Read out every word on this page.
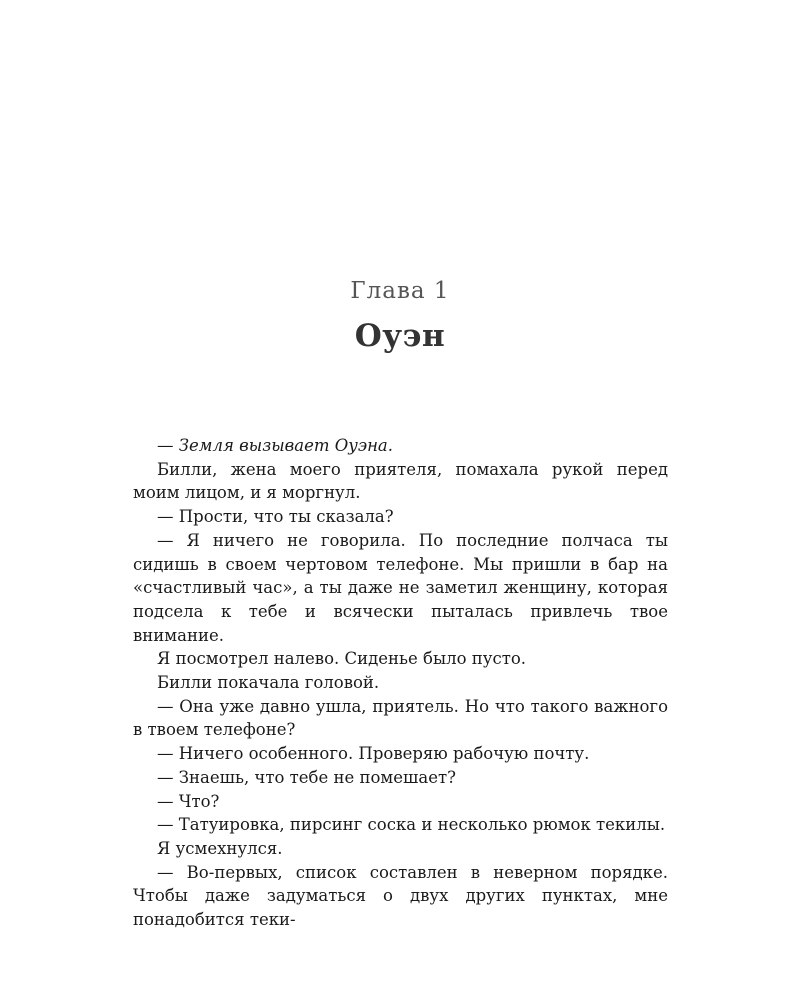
Глава 1
Оуэн

— Земля вызывает Оуэна.

Билли, жена моего приятеля, помахала рукой перед моим лицом, и я моргнул.

— Прости, что ты сказала?

— Я ничего не говорила. По последние полчаса ты сидишь в своем чертовом телефоне. Мы пришли в бар на «счастливый час», а ты даже не заметил женщину, которая подсела к тебе и всячески пыталась привлечь твое внимание.

Я посмотрел налево. Сиденье было пусто.

Билли покачала головой.

— Она уже давно ушла, приятель. Но что такого важного в твоем телефоне?

— Ничего особенного. Проверяю рабочую почту.

— Знаешь, что тебе не помешает?

— Что?

— Татуировка, пирсинг соска и несколько рюмок текилы.

Я усмехнулся.

— Во-первых, список составлен в неверном порядке. Чтобы даже задуматься о двух других пунктах, мне понадобится теки-
